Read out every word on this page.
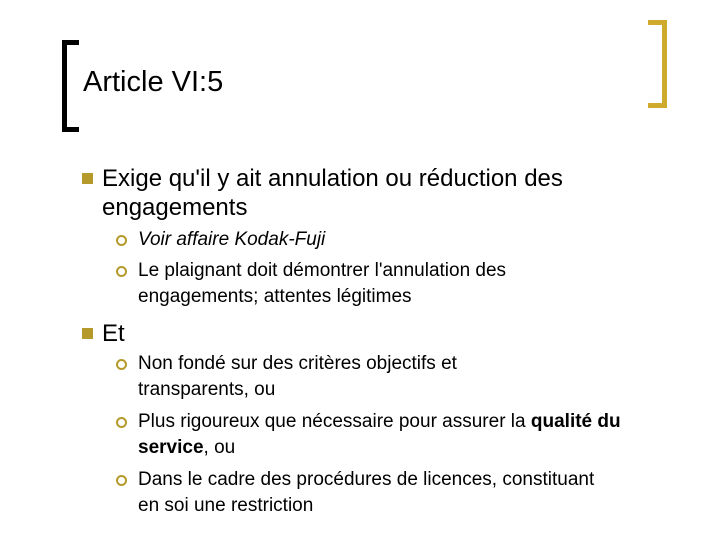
Article VI:5
Exige qu'il y ait annulation ou réduction des engagements
Voir affaire Kodak-Fuji
Le plaignant doit démontrer l'annulation des engagements; attentes légitimes
Et
Non fondé sur des critères objectifs et transparents, ou
Plus rigoureux que nécessaire pour assurer la qualité du service, ou
Dans le cadre des procédures de licences, constituant en soi une restriction
